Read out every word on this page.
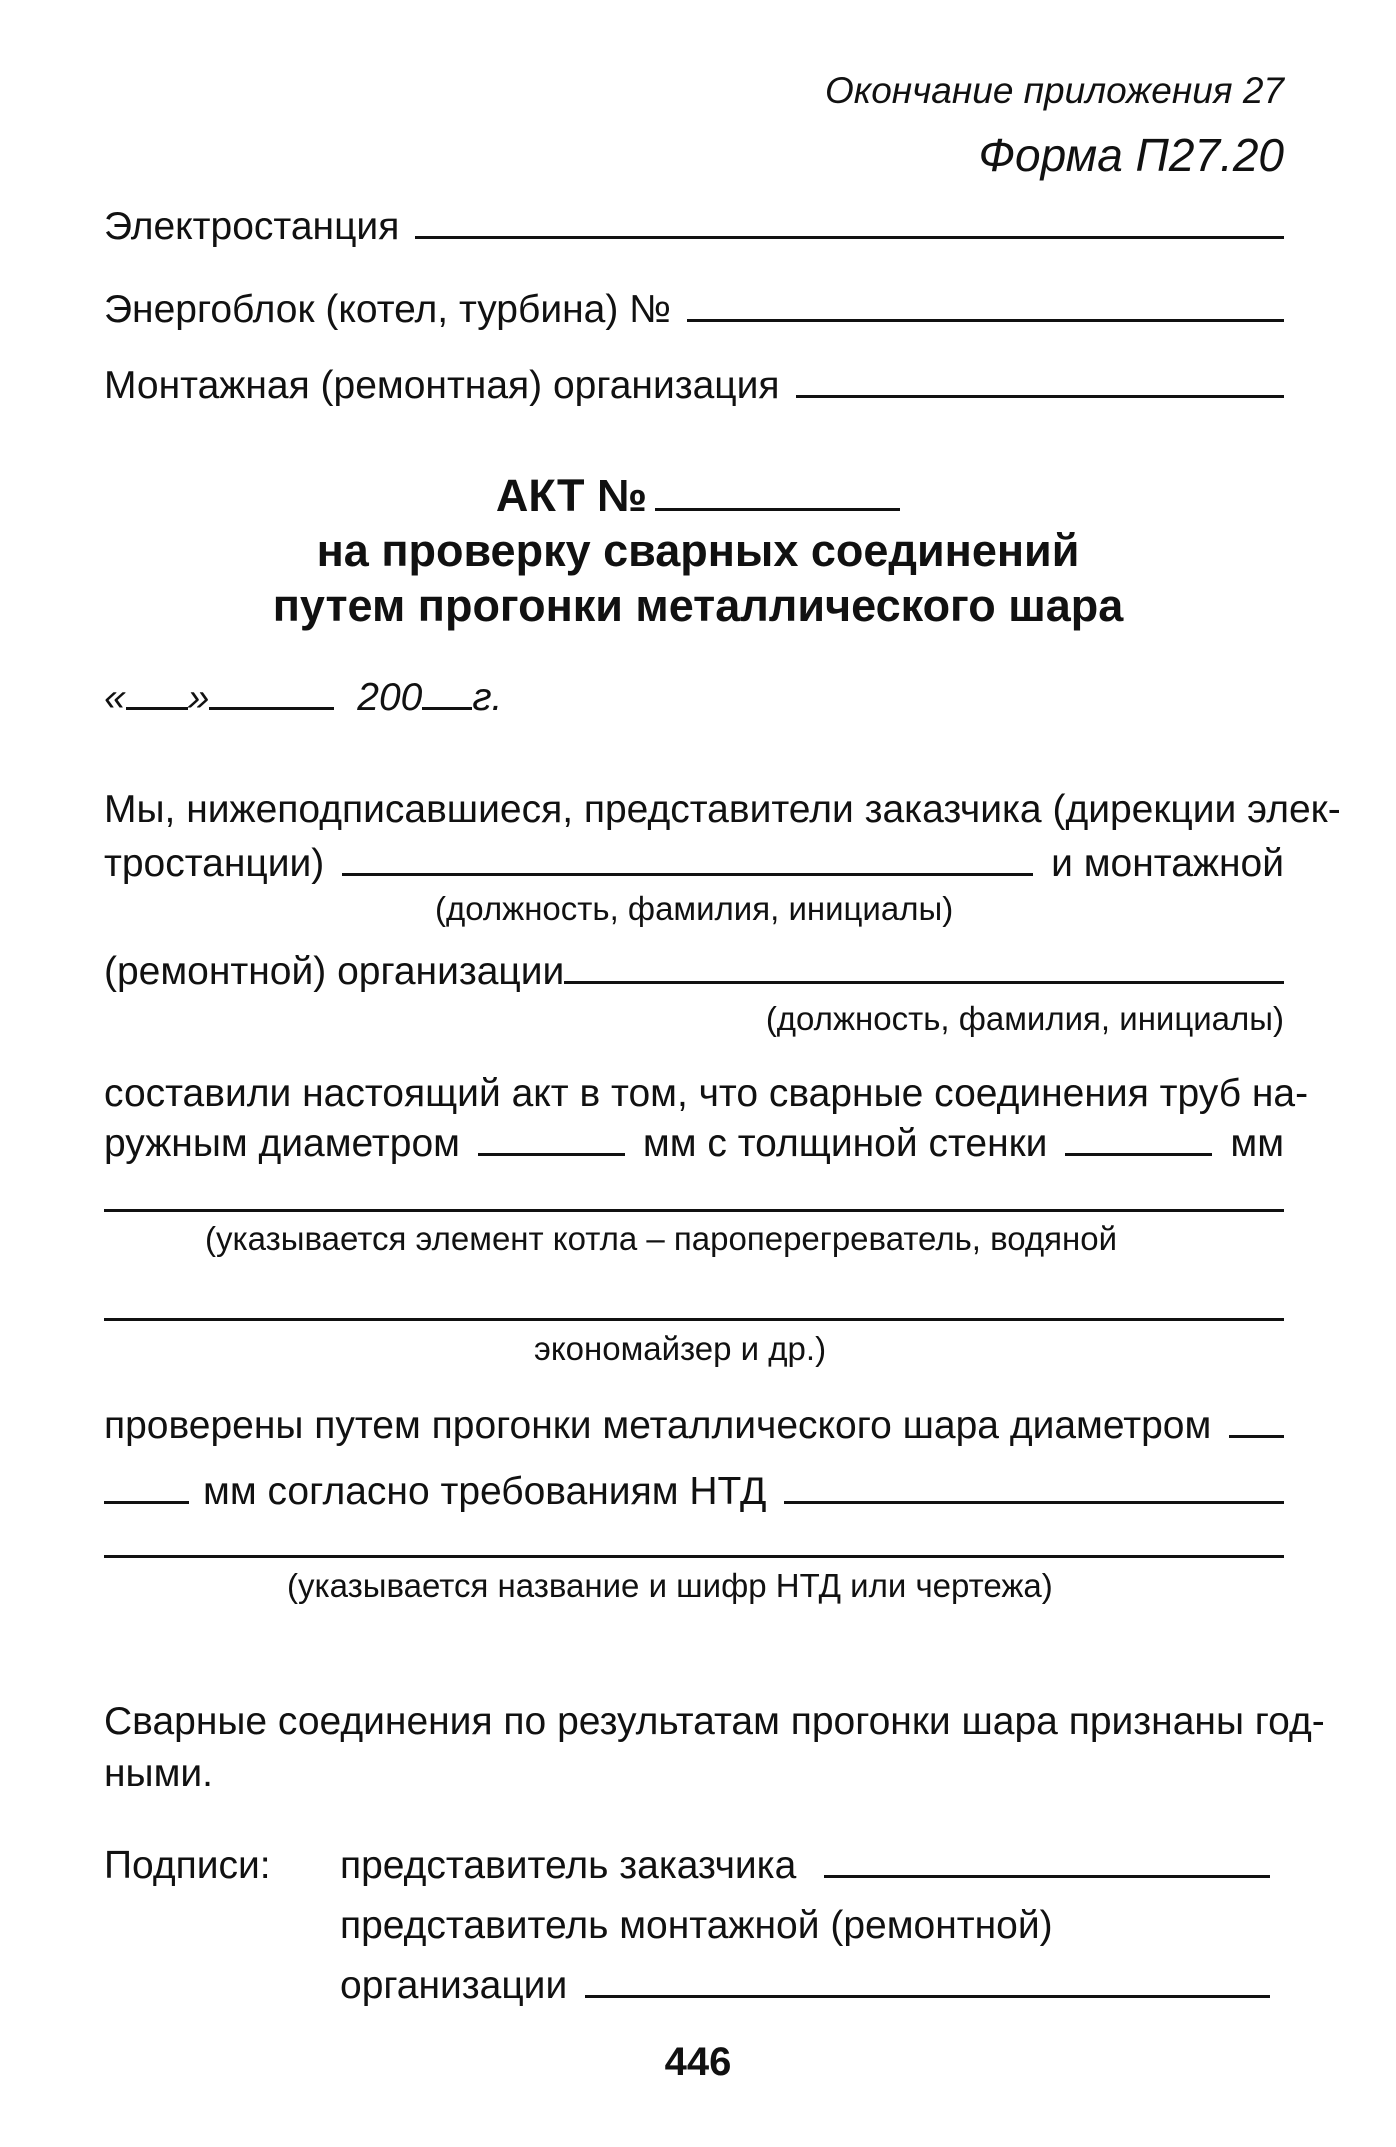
Окончание приложения 27
Форма П27.20
Электростанция
Энергоблок (котел, турбина) №
Монтажная (ремонтная) организация
АКТ №
на проверку сварных соединений
путем прогонки металлического шара
« »	200 г.
Мы, нижеподписавшиеся, представители заказчика (дирекции элек-
тростанции)	и монтажной
(должность, фамилия, инициалы)
(ремонтной) организации
(должность, фамилия, инициалы)
составили настоящий акт в том, что сварные соединения труб на-
ружным диаметром	мм с толщиной стенки	мм
(указывается элемент котла – пароперегреватель, водяной
экономайзер и др.)
проверены путем прогонки металлического шара диаметром
мм согласно требованиям НТД
(указывается название и шифр НТД или чертежа)
Сварные соединения по результатам прогонки шара признаны год-
ными.
Подписи: представитель заказчика
представитель монтажной (ремонтной)
организации
446
